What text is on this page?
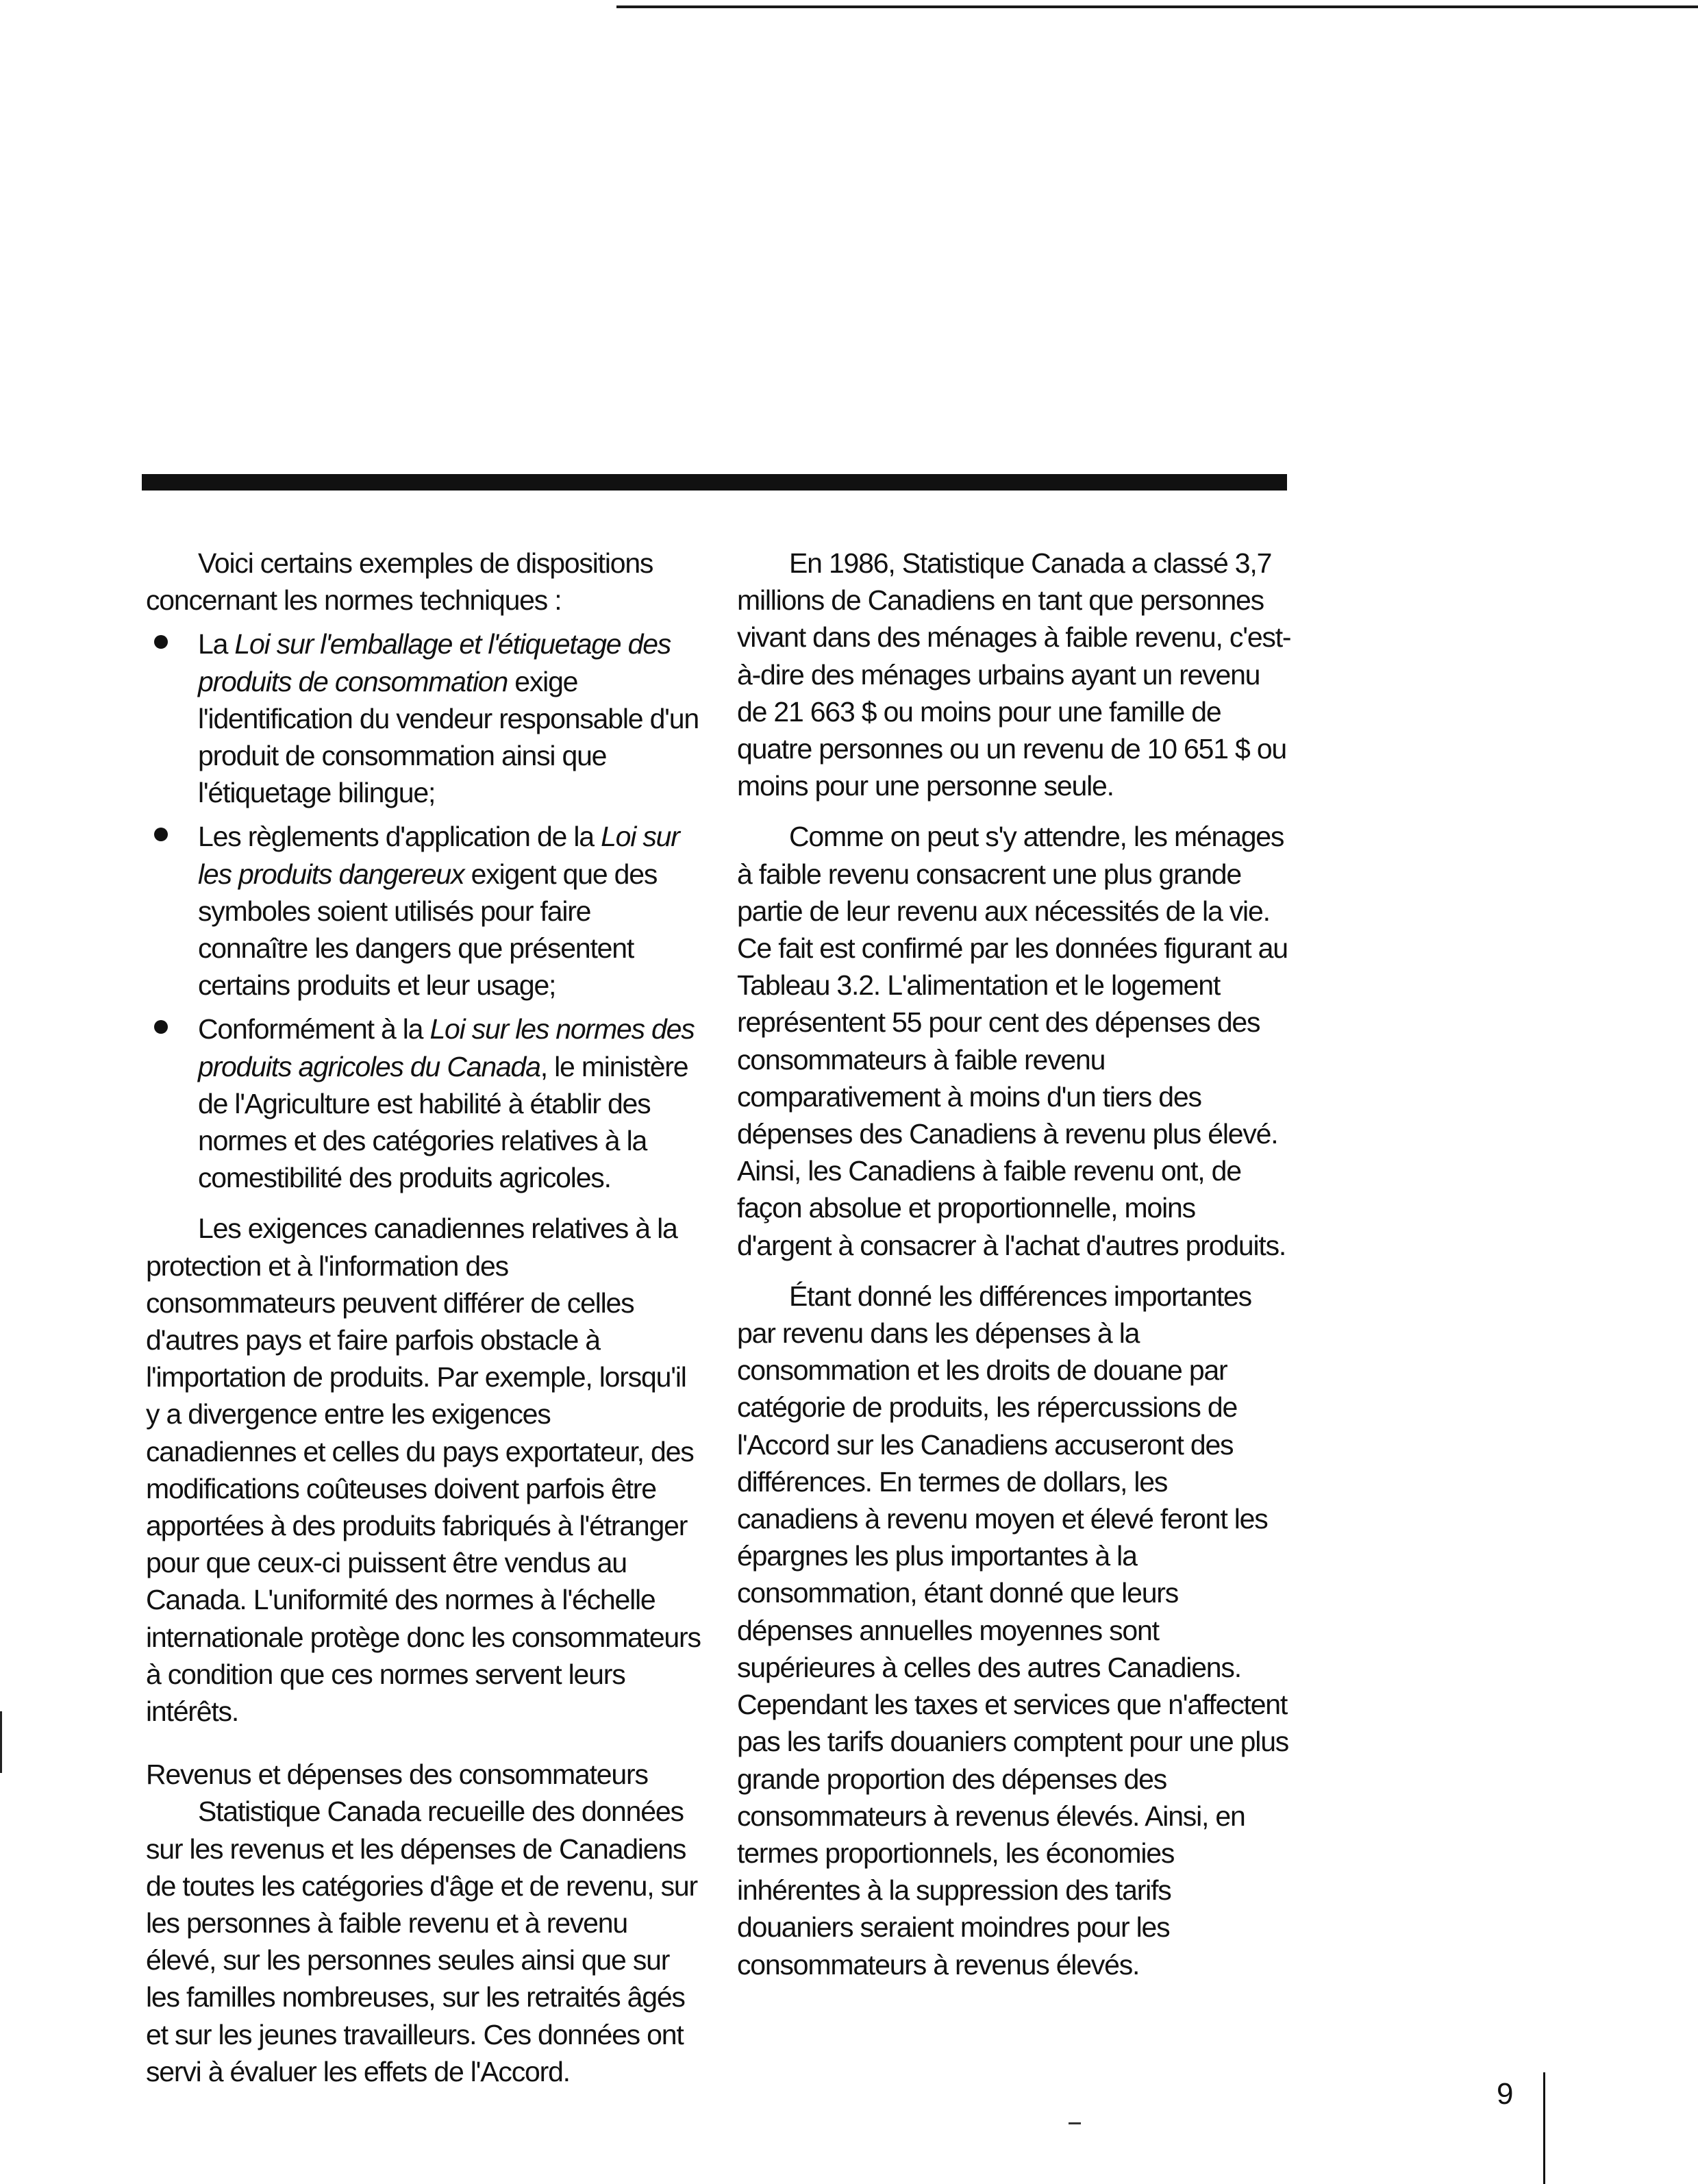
Voici certains exemples de dispositions concernant les normes techniques :

La Loi sur l'emballage et l'étiquetage des produits de consommation exige l'identification du vendeur responsable d'un produit de consommation ainsi que l'étiquetage bilingue;
Les règlements d'application de la Loi sur les produits dangereux exigent que des symboles soient utilisés pour faire connaître les dangers que présentent certains produits et leur usage;
Conformément à la Loi sur les normes des produits agricoles du Canada, le ministère de l'Agriculture est habilité à établir des normes et des catégories relatives à la comestibilité des produits agricoles.

Les exigences canadiennes relatives à la protection et à l'information des consommateurs peuvent différer de celles d'autres pays et faire parfois obstacle à l'importation de produits. Par exemple, lorsqu'il y a divergence entre les exigences canadiennes et celles du pays exportateur, des modifications coûteuses doivent parfois être apportées à des produits fabriqués à l'étranger pour que ceux-ci puissent être vendus au Canada. L'uniformité des normes à l'échelle internationale protège donc les consommateurs à condition que ces normes servent leurs intérêts.

Revenus et dépenses des consommateurs

Statistique Canada recueille des données sur les revenus et les dépenses de Canadiens de toutes les catégories d'âge et de revenu, sur les personnes à faible revenu et à revenu élevé, sur les personnes seules ainsi que sur les familles nombreuses, sur les retraités âgés et sur les jeunes travailleurs. Ces données ont servi à évaluer les effets de l'Accord.

En 1986, Statistique Canada a classé 3,7 millions de Canadiens en tant que personnes vivant dans des ménages à faible revenu, c'est-à-dire des ménages urbains ayant un revenu de 21 663 $ ou moins pour une famille de quatre personnes ou un revenu de 10 651 $ ou moins pour une personne seule.

Comme on peut s'y attendre, les ménages à faible revenu consacrent une plus grande partie de leur revenu aux nécessités de la vie. Ce fait est confirmé par les données figurant au Tableau 3.2. L'alimentation et le logement représentent 55 pour cent des dépenses des consommateurs à faible revenu comparativement à moins d'un tiers des dépenses des Canadiens à revenu plus élevé. Ainsi, les Canadiens à faible revenu ont, de façon absolue et proportionnelle, moins d'argent à consacrer à l'achat d'autres produits.

Étant donné les différences importantes par revenu dans les dépenses à la consommation et les droits de douane par catégorie de produits, les répercussions de l'Accord sur les Canadiens accuseront des différences. En termes de dollars, les canadiens à revenu moyen et élevé feront les épargnes les plus importantes à la consommation, étant donné que leurs dépenses annuelles moyennes sont supérieures à celles des autres Canadiens. Cependant les taxes et services que n'affectent pas les tarifs douaniers comptent pour une plus grande proportion des dépenses des consommateurs à revenus élevés. Ainsi, en termes proportionnels, les économies inhérentes à la suppression des tarifs douaniers seraient moindres pour les consommateurs à revenus élevés.

9
